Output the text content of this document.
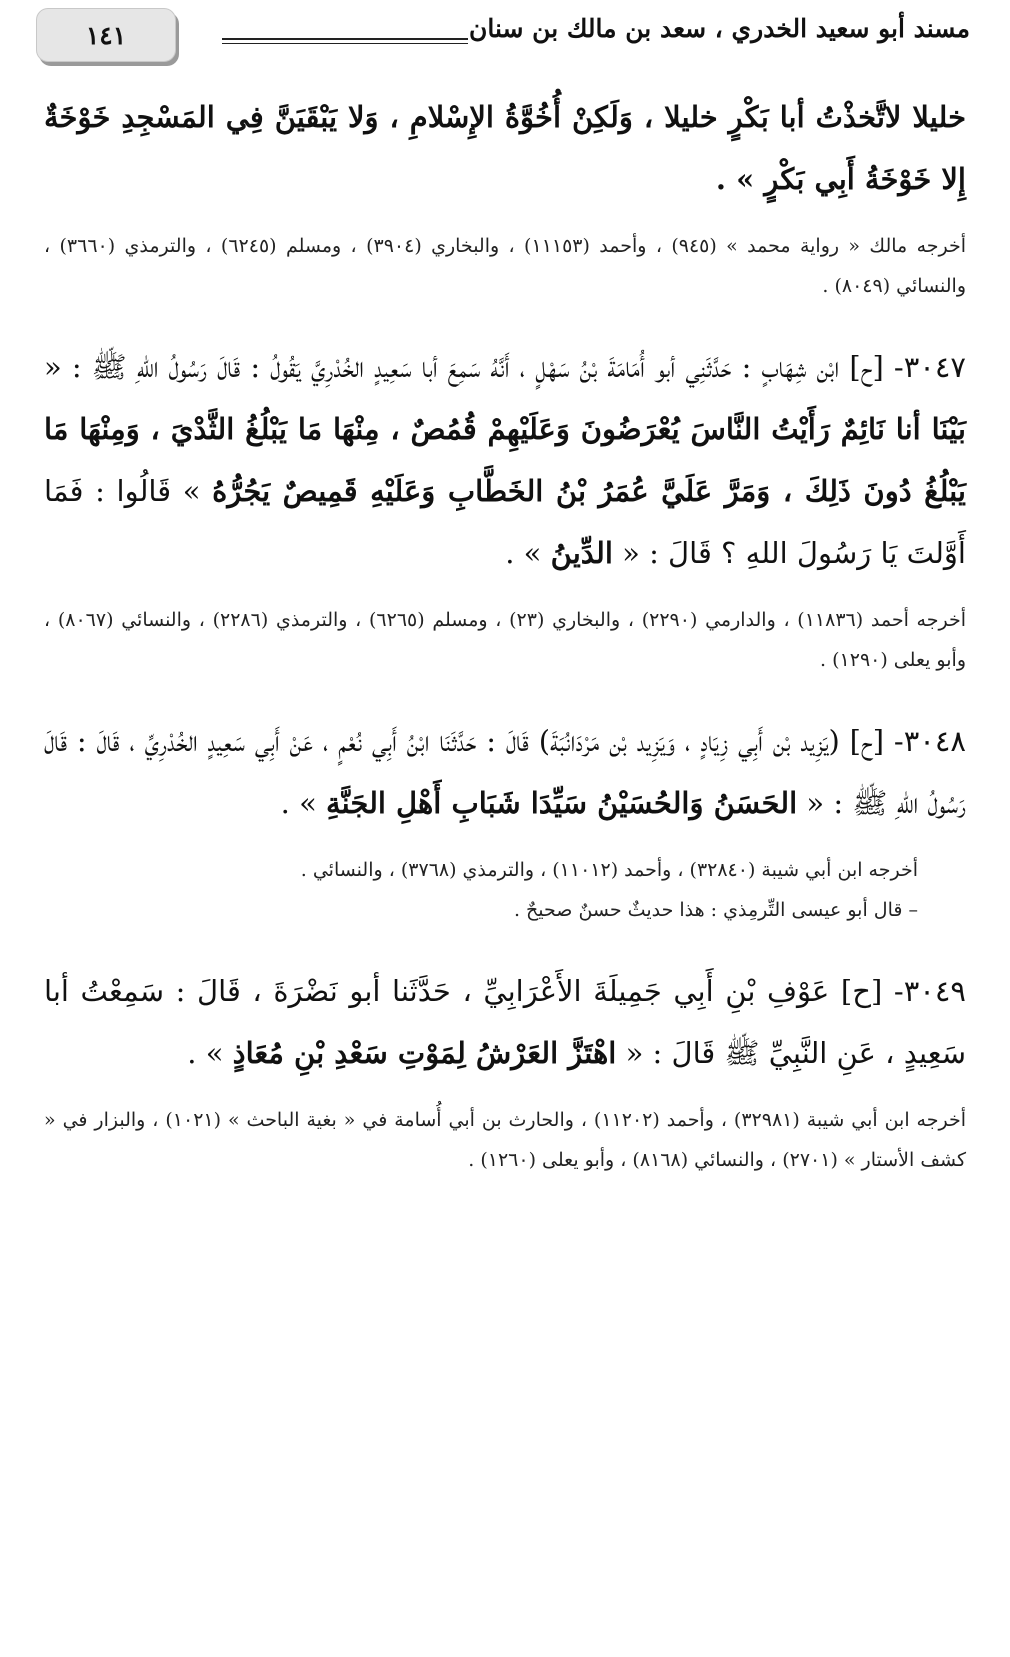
مسند أبو سعيد الخدري ، سعد بن مالك بن سنان
١٤١

خليلا لاتَّخذْتُ أبا بَكْرٍ خليلا ، وَلَكِنْ أُخُوَّةُ الإِسْلامِ ، وَلا يَبْقَيَنَّ فِي المَسْجِدِ خَوْخَةٌ إِلا خَوْخَةُ أَبِي بَكْرٍ » .

أخرجه مالك « رواية محمد » (٩٤٥) ، وأحمد (١١١٥٣) ، والبخاري (٣٩٠٤) ، ومسلم (٦٢٤٥) ، والترمذي (٣٦٦٠) ، والنسائي (٨٠٤٩) .

٣٠٤٧- [ح] ابْن شِهَابٍ : حَدَّثَنِي أبو أُمَامَةَ بْنُ سَهْلٍ ، أَنَّهُ سَمِعَ أبا سَعِيدٍ الخُدْرِيَّ يَقُولُ : قَالَ رَسُولُ اللهِ ﷺ : « بَيْنَا أنا نَائِمٌ رَأَيْتُ النَّاسَ يُعْرَضُونَ وَعَلَيْهِمْ قُمُصٌ ، مِنْهَا مَا يَبْلُغُ الثَّدْيَ ، وَمِنْهَا مَا يَبْلُغُ دُونَ ذَلِكَ ، وَمَرَّ عَلَيَّ عُمَرُ بْنُ الخَطَّابِ وَعَلَيْهِ قَمِيصٌ يَجُرُّهُ » قَالُوا : فَمَا أَوَّلتَ يَا رَسُولَ اللهِ ؟ قَالَ : « الدِّينُ » .

أخرجه أحمد (١١٨٣٦) ، والدارمي (٢٢٩٠) ، والبخاري (٢٣) ، ومسلم (٦٢٦٥) ، والترمذي (٢٢٨٦) ، والنسائي (٨٠٦٧) ، وأبو يعلى (١٢٩٠) .

٣٠٤٨- [ح] (يَزِيد بْن أَبِي زِيَادٍ ، وَيَزِيد بْن مَرْدَانُبَةَ) قَالَ : حَدَّثَنَا ابْنُ أَبِي نُعْمٍ ، عَنْ أَبِي سَعِيدٍ الخُدْرِيِّ ، قَالَ : قَالَ رَسُولُ اللهِ ﷺ : « الحَسَنُ وَالحُسَيْنُ سَيِّدَا شَبَابِ أَهْلِ الجَنَّةِ » .

أخرجه ابن أبي شيبة (٣٢٨٤٠) ، وأحمد (١١٠١٢) ، والترمذي (٣٧٦٨) ، والنسائي .

– قال أبو عيسى التِّرمِذي : هذا حديثٌ حسنٌ صحيحٌ .

٣٠٤٩- [ح] عَوْفِ بْنِ أَبِي جَمِيلَةَ الأَعْرَابِيِّ ، حَدَّثَنا أبو نَضْرَةَ ، قَالَ : سَمِعْتُ أبا سَعِيدٍ ، عَنِ النَّبِيِّ ﷺ قَالَ : « اهْتَزَّ العَرْشُ لِمَوْتِ سَعْدِ بْنِ مُعَاذٍ » .

أخرجه ابن أبي شيبة (٣٢٩٨١) ، وأحمد (١١٢٠٢) ، والحارث بن أبي أُسامة في « بغية الباحث » (١٠٢١) ، والبزار في « كشف الأستار » (٢٧٠١) ، والنسائي (٨١٦٨) ، وأبو يعلى (١٢٦٠) .
